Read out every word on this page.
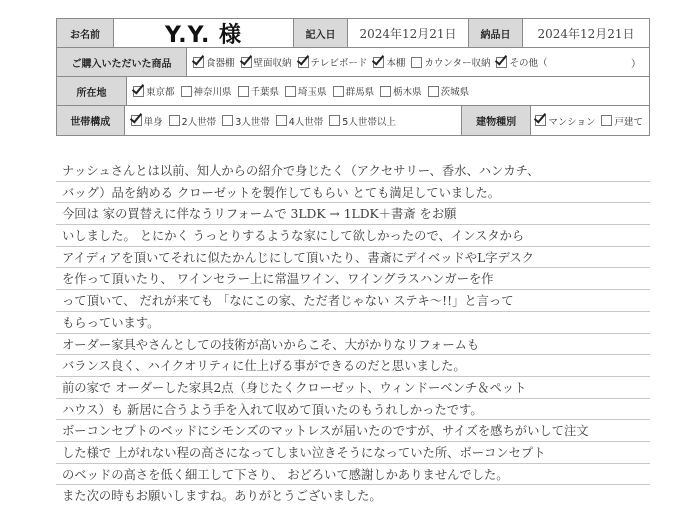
お名前	Y.Y. 様	記入日	2024年12月21日	納品日	2024年12月21日
ご購入いただいた商品	食器棚 壁面収納 テレビボード 本棚 カウンター収納 その他（	）
所在地	東京都 神奈川県 千葉県 埼玉県 群馬県 栃木県 茨城県
世帯構成	単身 2人世帯 3人世帯 4人世帯 5人世帯以上	建物種別	マンション 戸建て
ナッシュさんとは以前、知人からの紹介で身じたく（アクセサリー、香水、ハンカチ、
バッグ）品を納める クローゼットを製作してもらい とても満足していました。
今回は 家の買替えに伴なうリフォームで 3LDK → 1LDK＋書斎 をお願
いしました。 とにかく うっとりするような家にして欲しかったので、インスタから
アイディアを頂いてそれに似たかんじにして頂いたり、書斎にデイベッドやL字デスク
を作って頂いたり、 ワインセラー上に常温ワイン、ワイングラスハンガーを作
って頂いて、 だれが来ても 「なにこの家、ただ者じゃない ステキ〜!!」と言って
もらっています。
オーダー家具やさんとしての技術が高いからこそ、大がかりなリフォームも
バランス良く、ハイクオリティに仕上げる事ができるのだと思いました。
前の家で オーダーした家具2点（身じたくクローゼット、ウィンドーベンチ＆ペット
ハウス）も 新居に合うよう手を入れて収めて頂いたのもうれしかったです。
ボーコンセプトのベッドにシモンズのマットレスが届いたのですが、サイズを感ちがいして注文
した様で 上がれない程の高さになってしまい泣きそうになっていた所、ボーコンセプト
のベッドの高さを低く細工して下さり、 おどろいて感謝しかありませんでした。
また次の時もお願いしますね。ありがとうございました。
